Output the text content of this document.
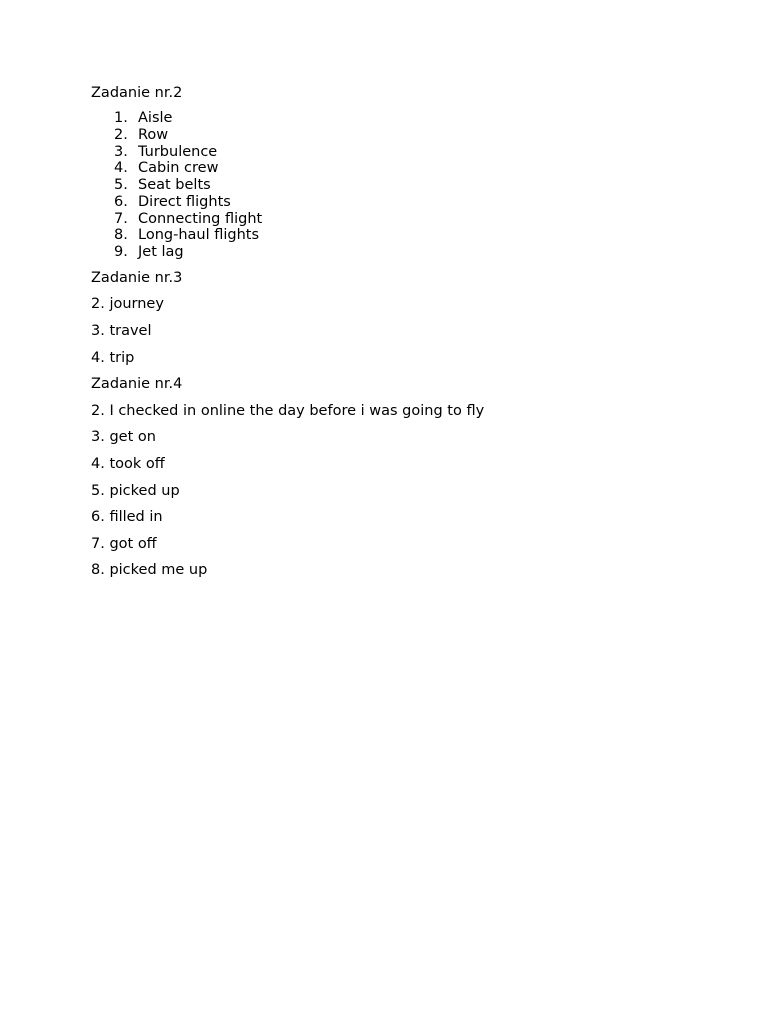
Zadanie nr.2

1. Aisle
2. Row
3. Turbulence
4. Cabin crew
5. Seat belts
6. Direct flights
7. Connecting flight
8. Long-haul flights
9. Jet lag

Zadanie nr.3

2. journey

3. travel

4. trip

Zadanie nr.4

2. I checked in online the day before i was going to fly

3. get on

4. took off

5. picked up

6. filled in

7. got off

8. picked me up
